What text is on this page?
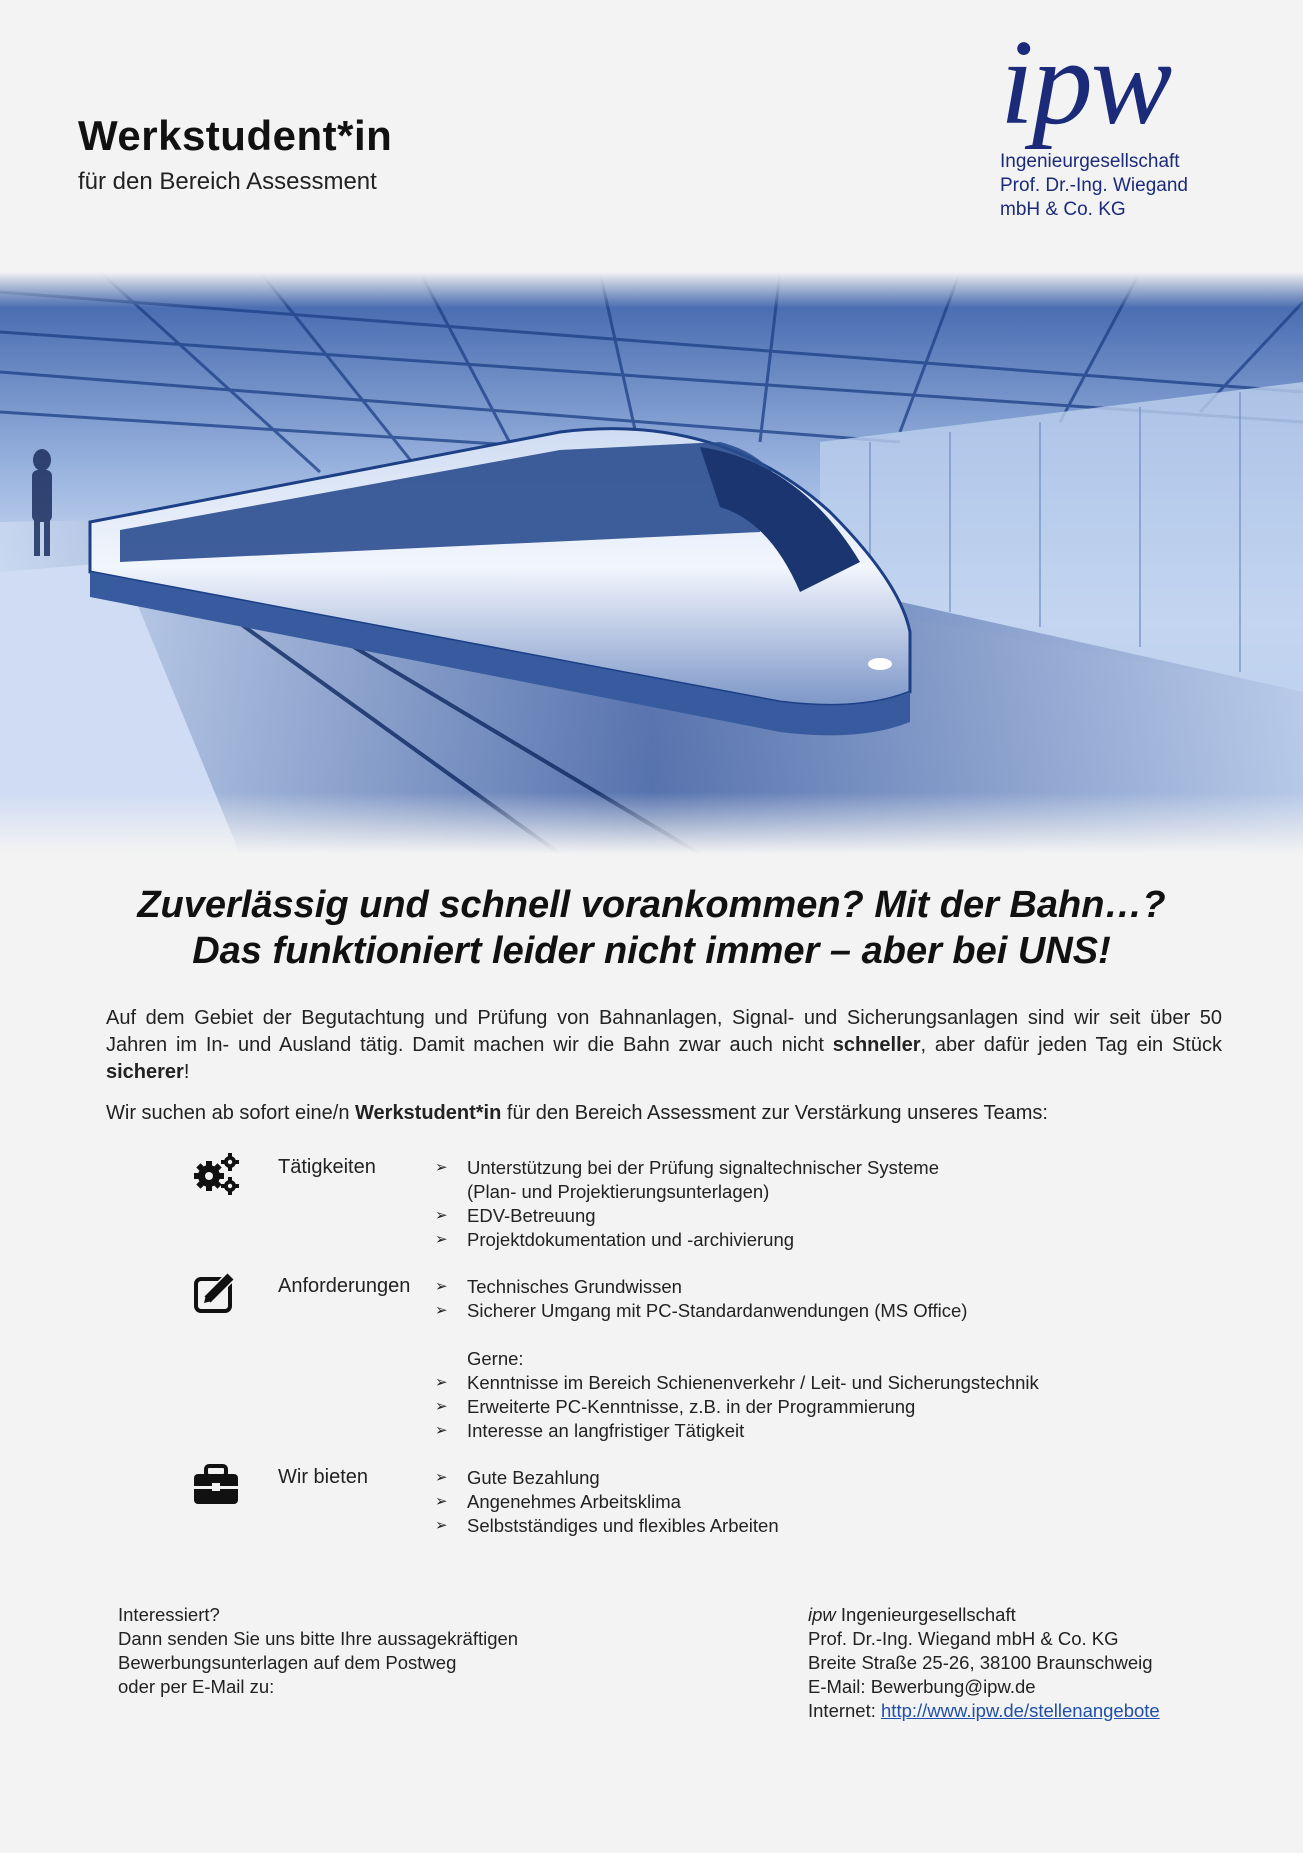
Werkstudent*in
für den Bereich Assessment
ipw
Ingenieurgesellschaft
Prof. Dr.-Ing. Wiegand
mbH & Co. KG
Zuverlässig und schnell vorankommen? Mit der Bahn…?
Das funktioniert leider nicht immer – aber bei UNS!
Auf dem Gebiet der Begutachtung und Prüfung von Bahnanlagen, Signal- und Sicherungsanlagen sind wir seit über 50 Jahren im In- und Ausland tätig. Damit machen wir die Bahn zwar auch nicht schneller, aber dafür jeden Tag ein Stück sicherer!
Wir suchen ab sofort eine/n Werkstudent*in für den Bereich Assessment zur Verstärkung unseres Teams:
Tätigkeiten	➢ Unterstützung bei der Prüfung signaltechnischer Systeme
(Plan- und Projektierungsunterlagen)
➢ EDV-Betreuung
➢ Projektdokumentation und -archivierung
Anforderungen ➢ Technisches Grundwissen
➢ Sicherer Umgang mit PC-Standardanwendungen (MS Office)
Gerne:
➢ Kenntnisse im Bereich Schienenverkehr / Leit- und Sicherungstechnik
➢ Erweiterte PC-Kenntnisse, z.B. in der Programmierung
➢ Interesse an langfristiger Tätigkeit
Wir bieten	➢ Gute Bezahlung
➢ Angenehmes Arbeitsklima
➢ Selbstständiges und flexibles Arbeiten
Interessiert?
Dann senden Sie uns bitte Ihre aussagekräftigen
Bewerbungsunterlagen auf dem Postweg
oder per E-Mail zu:
ipw Ingenieurgesellschaft
Prof. Dr.-Ing. Wiegand mbH & Co. KG
Breite Straße 25-26, 38100 Braunschweig
E-Mail: Bewerbung@ipw.de
Internet: http://www.ipw.de/stellenangebote
